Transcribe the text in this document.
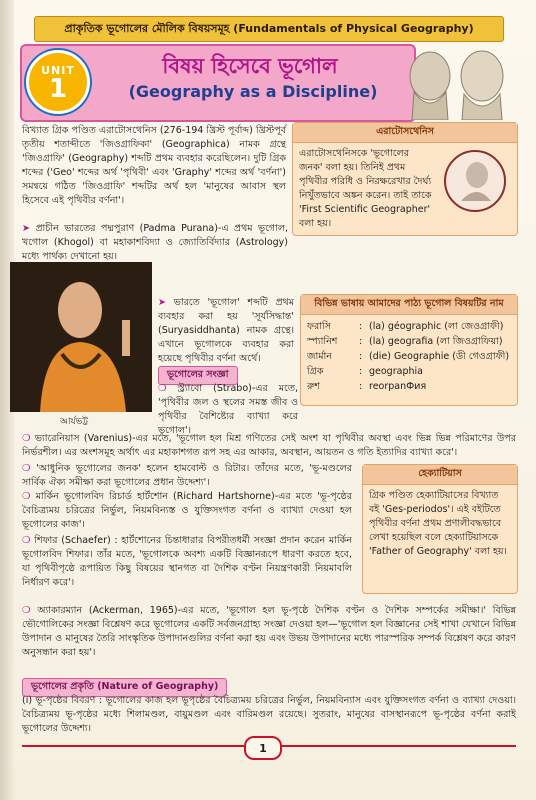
প্রাকৃতিক ভূগোলের মৌলিক বিষয়সমূহ (Fundamentals of Physical Geography)
UNIT
1
বিষয় হিসেবে ভূগোল
(Geography as a Discipline)
বিখ্যাত গ্রিক পণ্ডিত এরাটোসথেনিস (276-194 খ্রিস্ট পূর্বাব্দ) খ্রিস্টপূর্ব তৃতীয় শতাব্দীতে 'জিওগ্রাফিকা' (Geographica) নামক গ্রন্থে 'জিওগ্রাফি' (Geography) শব্দটি প্রথম ব্যবহার করেছিলেন। দুটি গ্রিক শব্দের ('Geo' শব্দের অর্থ 'পৃথিবী' এবং 'Graphy' শব্দের অর্থ 'বর্ণনা') সমন্বয়ে গঠিত 'জিওগ্রাফি' শব্দটির অর্থ হল 'মানুষের আবাস স্থল হিসেবে এই পৃথিবীর বর্ণনা'।
এরাটোসথেনিস
এরাটোসথেনিসকে 'ভূগোলের জনক' বলা হয়। তিনিই প্রথম পৃথিবীর পরিধি ও নিরক্ষরেখার দৈর্ঘ্য নিখুঁতভাবে অঙ্কন করেন। তাই তাকে 'First Scientific Geographer' বলা হয়।
➤ প্রাচীন ভারতের পদ্মপুরাণ (Padma Purana)-এ প্রথম ভূগোল, খগোল (Khogol) বা মহাকাশবিদ্যা ও জ্যোতির্বিদ্যার (Astrology) মধ্যে পার্থক্য দেখানো হয়।
আর্যভট্ট
➤ ভারতে 'ভূগোল' শব্দটি প্রথম ব্যবহার করা হয় 'সূর্যসিদ্ধান্ত' (Suryasiddhanta) নামক গ্রন্থে। এখানে ভূগোলকে ব্যবহার করা হয়েছে পৃথিবীর বর্ণনা অর্থে।
বিভিন্ন ভাষায় আমাদের পাঠ্য ভূগোল বিষয়টির নাম
ফরাসি	: (la) géographic (লা জেওগ্রাফী)
স্প্যানিশ	: (la) geografia (লা জিওগ্রাফিয়া)
জার্মান	: (die) Geographie (ডী গেওগ্রাফী)
গ্রিক	: geographia
রুশ	: reorpanФия
ভূগোলের সংজ্ঞা
❍ স্ট্র্যাবো (Strabo)-এর মতে, 'পৃথিবীর জল ও স্থলের সমস্ত জীব ও পৃথিবীর বৈশিষ্ট্যের ব্যাখ্যা করে ভূগোল'।
❍ ভ্যারেনিয়াস (Varenius)-এর মতে, 'ভূগোল হল মিশ্র গণিতের সেই অংশ যা পৃথিবীর অবস্থা এবং ভিন্ন ভিন্ন পরিমাণের উপর নির্ভরশীল। এর অংশসমূহ অর্থাৎ এর মহাকাশগত রূপ সহ এর আকার, অবস্থান, আয়তন ও গতি ইত্যাদির ব্যাখ্যা করে'।
❍ 'আধুনিক ভূগোলের জনক' হলেন হামবোল্ট ও রিটার। তাঁদের মতে, 'ভূ-মণ্ডলের সার্বিক ঐক্য সমীক্ষা করা ভূগোলের প্রধান উদ্দেশ্য'।
❍ মার্কিন ভূগোলবিদ রিচার্ড হার্টশোন (Richard Hartshorne)-এর মতে 'ভূ-পৃষ্ঠের বৈচিত্র্যময় চরিত্রের নির্ভুল, নিয়মবিন্যস্ত ও যুক্তিসংগত বর্ণনা ও ব্যাখ্যা দেওয়া হল ভূগোলের কাজ'।
❍ শিফার (Schaefer) : হার্টশোনের চিন্তাধারার বিপরীতধর্মী সংজ্ঞা প্রদান করেন মার্কিন ভূগোলবিদ শিফার। তাঁর মতে, 'ভূগোলকে অবশ্য একটি বিজ্ঞানরূপে ধারণা করতে হবে, যা পৃথিবীপৃষ্ঠে রূপায়িত কিছু বিষয়ের স্থানগত বা দৈশিক বণ্টন নিয়ন্ত্রণকারী নিয়মাবলি নির্ধারণ করে'।
হেক্যাটিয়াস
গ্রিক পণ্ডিত হেক্যাটিয়াসের বিখ্যাত বই 'Ges-periodos'। এই বইটিতে পৃথিবীর বর্ণনা প্রথম প্রণালীবদ্ধভাবে লেখা হয়েছিল বলে হেক্যাটিয়াসকে 'Father of Geography' বলা হয়।
❍ অ্যাকারম্যান (Ackerman, 1965)-এর মতে, 'ভূগোল হল ভূ-পৃষ্ঠে দৈশিক বণ্টন ও দৈশিক সম্পর্কের সমীক্ষা।' বিভিন্ন ভৌগোলিকের সংজ্ঞা বিশ্লেষণ করে ভূগোলের একটি সর্বজনগ্রাহ্য সংজ্ঞা দেওয়া হল—'ভূগোল হল বিজ্ঞানের সেই শাখা যেখানে বিভিন্ন উপাদান ও মানুষের তৈরি সাংস্কৃতিক উপাদানগুলির বর্ণনা করা হয় এবং উভয় উপাদানের মধ্যে পারস্পরিক সম্পর্ক বিশ্লেষণ করে কারণ অনুসন্ধান করা হয়'।
ভূগোলের প্রকৃতি (Nature of Geography)
(i) ভূ-পৃষ্ঠের বিবরণ : ভূগোলের কাজ হল ভূপৃষ্ঠের বৈচিত্র্যময় চরিত্রের নির্ভুল, নিয়মবিন্যাস এবং যুক্তিসংগত বর্ণনা ও ব্যাখ্যা দেওয়া। বৈচিত্র্যময় ভূ-পৃষ্ঠের মধ্যে শিলামণ্ডল, বায়ুমণ্ডল এবং বারিমণ্ডল রয়েছে। সুতরাং, মানুষের বাসস্থানরূপে ভূ-পৃষ্ঠের বর্ণনা করাই ভূগোলের উদ্দেশ্য।
1
